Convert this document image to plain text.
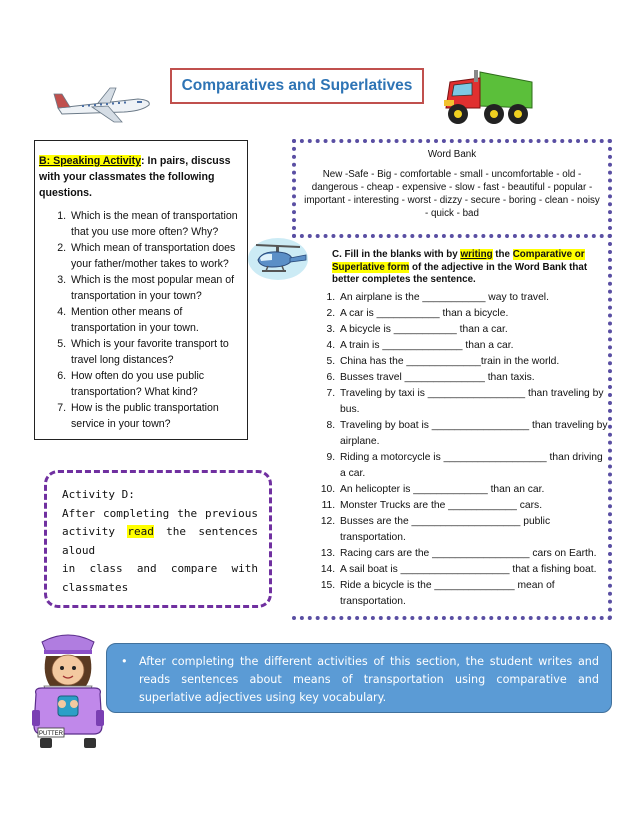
Comparatives and Superlatives
B: Speaking Activity: In pairs, discuss with your classmates the following questions.
1. Which is the mean of transportation that you use more often? Why?
2. Which mean of transportation does your father/mother takes to work?
3. Which is the most popular mean of transportation in your town?
4. Mention other means of transportation in your town.
5. Which is your favorite transport to travel long distances?
6. How often do you use public transportation? What kind?
7. How is the public transportation service in your town?
Word Bank
New -Safe - Big - comfortable - small - uncomfortable - old - dangerous - cheap - expensive - slow - fast - beautiful - popular - important - interesting - worst - dizzy - secure - boring - clean - noisy - quick - bad
C. Fill in the blanks with by writing the Comparative or Superlative form of the adjective in the Word Bank that better completes the sentence.
1. An airplane is the ___________ way to travel.
2. A car is ___________ than a bicycle.
3. A bicycle is ___________ than a car.
4. A train is ______________ than a car.
5. China has the _____________train in the world.
6. Busses travel ______________ than taxis.
7. Traveling by taxi is _________________ than traveling by bus.
8. Traveling by boat is _________________ than traveling by airplane.
9. Riding a motorcycle is __________________ than driving a car.
10. An helicopter is _____________ than an car.
11. Monster Trucks are the ____________ cars.
12. Busses are the ___________________ public transportation.
13. Racing cars are the _________________ cars on Earth.
14. A sail boat is ___________________ that a fishing boat.
15. Ride a bicycle is the ______________ mean of transportation.
Activity D:
After completing the previous
activity read the sentences aloud
in class and compare with
classmates
PUTTER
• After completing the different activities of this section, the student writes and reads sentences about means of transportation using comparative and superlative adjectives using key vocabulary.
